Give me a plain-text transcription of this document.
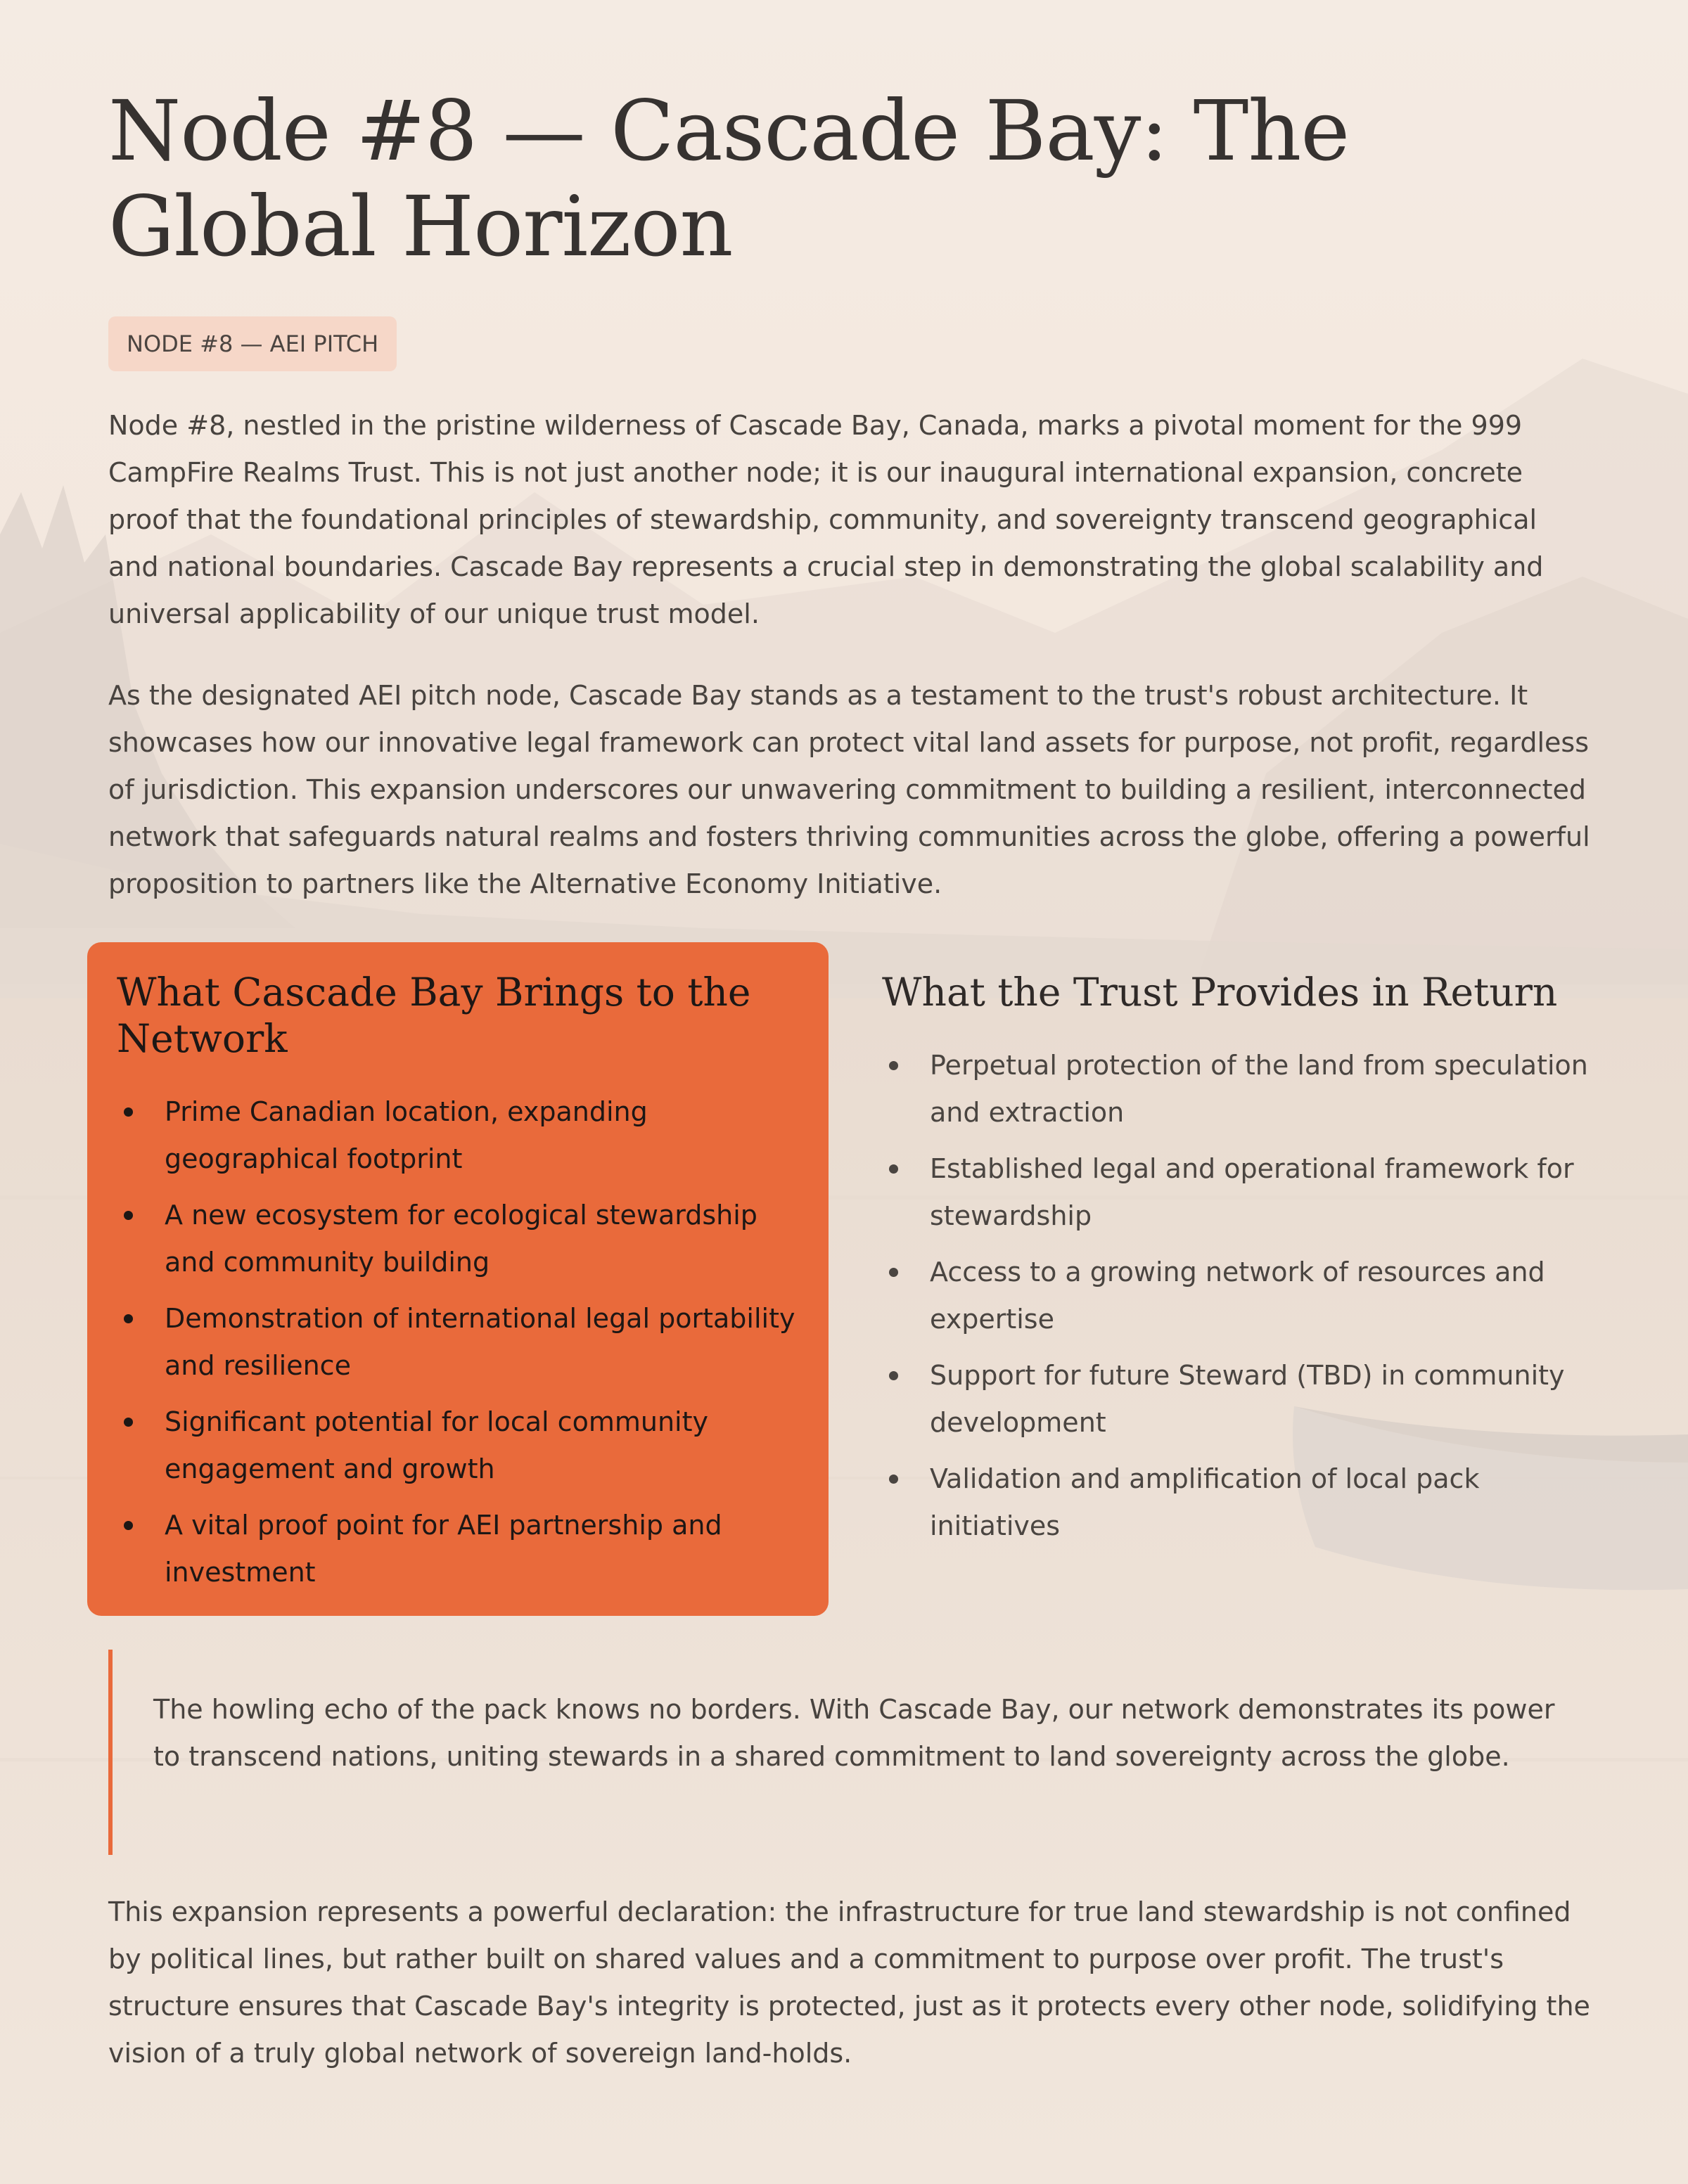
Node #8 — Cascade Bay: The Global Horizon
NODE #8 — AEI PITCH

Node #8, nestled in the pristine wilderness of Cascade Bay, Canada, marks a pivotal moment for the 999 CampFire Realms Trust. This is not just another node; it is our inaugural international expansion, concrete proof that the foundational principles of stewardship, community, and sovereignty transcend geographical and national boundaries. Cascade Bay represents a crucial step in demonstrating the global scalability and universal applicability of our unique trust model.

As the designated AEI pitch node, Cascade Bay stands as a testament to the trust's robust architecture. It showcases how our innovative legal framework can protect vital land assets for purpose, not profit, regardless of jurisdiction. This expansion underscores our unwavering commitment to building a resilient, interconnected network that safeguards natural realms and fosters thriving communities across the globe, offering a powerful proposition to partners like the Alternative Economy Initiative.

What Cascade Bay Brings to the Network
Prime Canadian location, expanding geographical footprint
A new ecosystem for ecological stewardship and community building
Demonstration of international legal portability and resilience
Significant potential for local community engagement and growth
A vital proof point for AEI partnership and investment
What the Trust Provides in Return
Perpetual protection of the land from speculation and extraction
Established legal and operational framework for stewardship
Access to a growing network of resources and expertise
Support for future Steward (TBD) in community development
Validation and amplification of local pack initiatives

The howling echo of the pack knows no borders. With Cascade Bay, our network demonstrates its power to transcend nations, uniting stewards in a shared commitment to land sovereignty across the globe.

This expansion represents a powerful declaration: the infrastructure for true land stewardship is not confined by political lines, but rather built on shared values and a commitment to purpose over profit. The trust's structure ensures that Cascade Bay's integrity is protected, just as it protects every other node, solidifying the vision of a truly global network of sovereign land-holds.
